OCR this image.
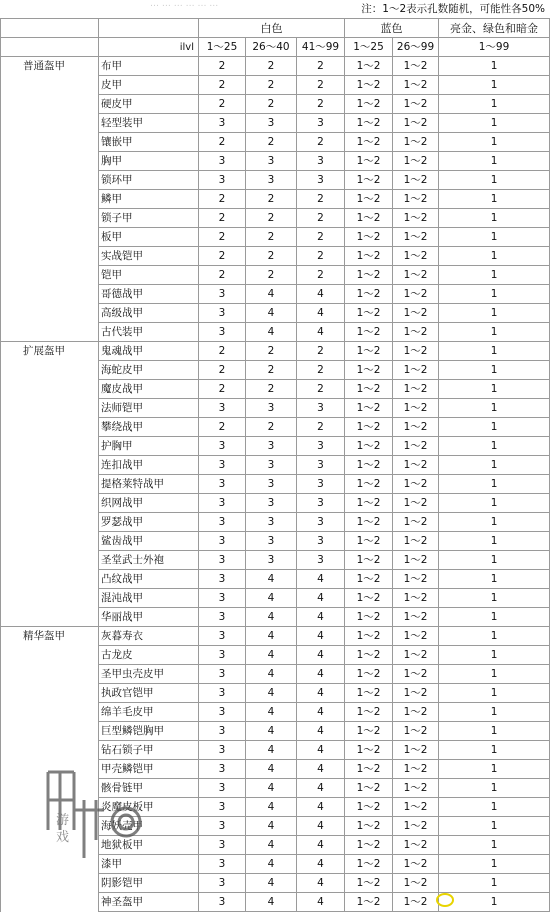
… … … … … …	注：1～2表示孔数随机，可能性各50%
		白色			蓝色		亮金、绿色和暗金
	ilvl	1～25	26～40	41～99	1～25	26～99	1～99
普通盔甲	布甲	2	2	2	1～2	1～2	1
	皮甲	2	2	2	1～2	1～2	1
	硬皮甲	2	2	2	1～2	1～2	1
	轻型装甲	3	3	3	1～2	1～2	1
	镶嵌甲	2	2	2	1～2	1～2	1
	胸甲	3	3	3	1～2	1～2	1
	锁环甲	3	3	3	1～2	1～2	1
	鳞甲	2	2	2	1～2	1～2	1
	锁子甲	2	2	2	1～2	1～2	1
	板甲	2	2	2	1～2	1～2	1
	实战铠甲	2	2	2	1～2	1～2	1
	铠甲	2	2	2	1～2	1～2	1
	哥德战甲	3	4	4	1～2	1～2	1
	高级战甲	3	4	4	1～2	1～2	1
	古代装甲	3	4	4	1～2	1～2	1
扩展盔甲	鬼魂战甲	2	2	2	1～2	1～2	1
	海蛇皮甲	2	2	2	1～2	1～2	1
	魔皮战甲	2	2	2	1～2	1～2	1
	法师铠甲	3	3	3	1～2	1～2	1
	攀绕战甲	2	2	2	1～2	1～2	1
	护胸甲	3	3	3	1～2	1～2	1
	连扣战甲	3	3	3	1～2	1～2	1
	提格莱特战甲	3	3	3	1～2	1～2	1
	织网战甲	3	3	3	1～2	1～2	1
	罗瑟战甲	3	3	3	1～2	1～2	1
	鲨齿战甲	3	3	3	1～2	1～2	1
	圣堂武士外袍	3	3	3	1～2	1～2	1
	凸纹战甲	3	4	4	1～2	1～2	1
	混沌战甲	3	4	4	1～2	1～2	1
	华丽战甲	3	4	4	1～2	1～2	1
精华盔甲	灰暮寿衣	3	4	4	1～2	1～2	1
	古龙皮	3	4	4	1～2	1～2	1
	圣甲虫壳皮甲	3	4	4	1～2	1～2	1
	执政官铠甲	3	4	4	1～2	1～2	1
	绵羊毛皮甲	3	4	4	1～2	1～2	1
	巨型鳞铠胸甲	3	4	4	1～2	1～2	1
	钻石锁子甲	3	4	4	1～2	1～2	1
	甲壳鳞铠甲	3	4	4	1～2	1～2	1
	骸骨链甲	3	4	4	1～2	1～2	1
	炎魔皮板甲	3	4	4	1～2	1～2	1
	海妖壳甲	3	4	4	1～2	1～2	1
	地狱板甲	3	4	4	1～2	1～2	1
	漆甲	3	4	4	1～2	1～2	1
	阴影铠甲	3	4	4	1～2	1～2	1
	神圣盔甲	3	4	4	1～2	1～2	1
游戏
